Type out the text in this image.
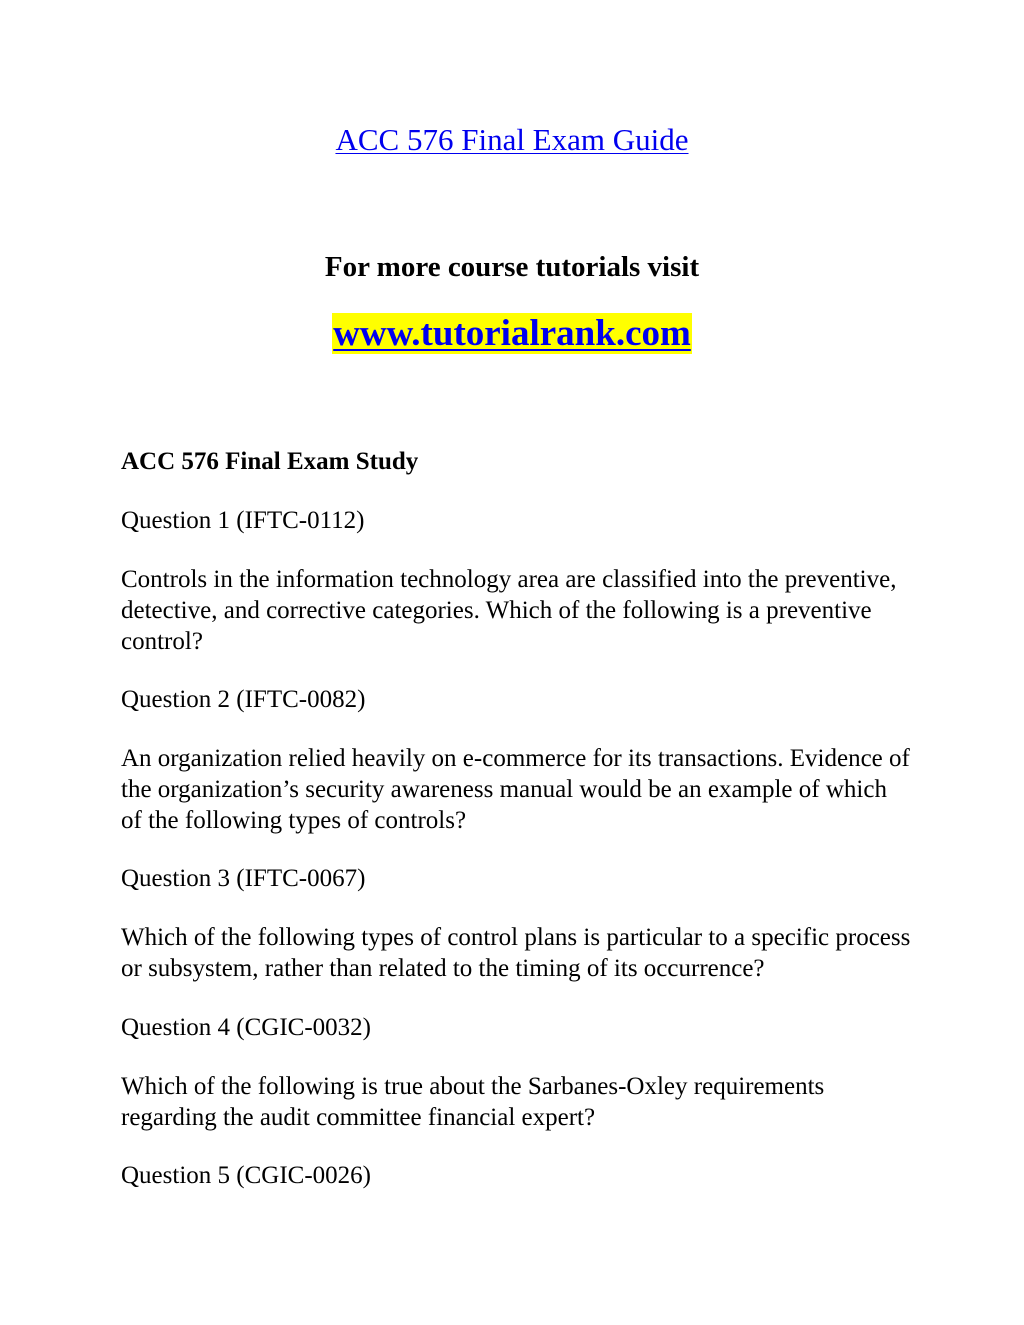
ACC 576 Final Exam Guide
For more course tutorials visit
www.tutorialrank.com
ACC 576 Final Exam Study
Question 1 (IFTC-0112)
Controls in the information technology area are classified into the preventive, detective, and corrective categories. Which of the following is a preventive control?
Question 2 (IFTC-0082)
An organization relied heavily on e-commerce for its transactions. Evidence of the organization’s security awareness manual would be an example of which of the following types of controls?
Question 3 (IFTC-0067)
Which of the following types of control plans is particular to a specific process or subsystem, rather than related to the timing of its occurrence?
Question 4 (CGIC-0032)
Which of the following is true about the Sarbanes-Oxley requirements regarding the audit committee financial expert?
Question 5 (CGIC-0026)
